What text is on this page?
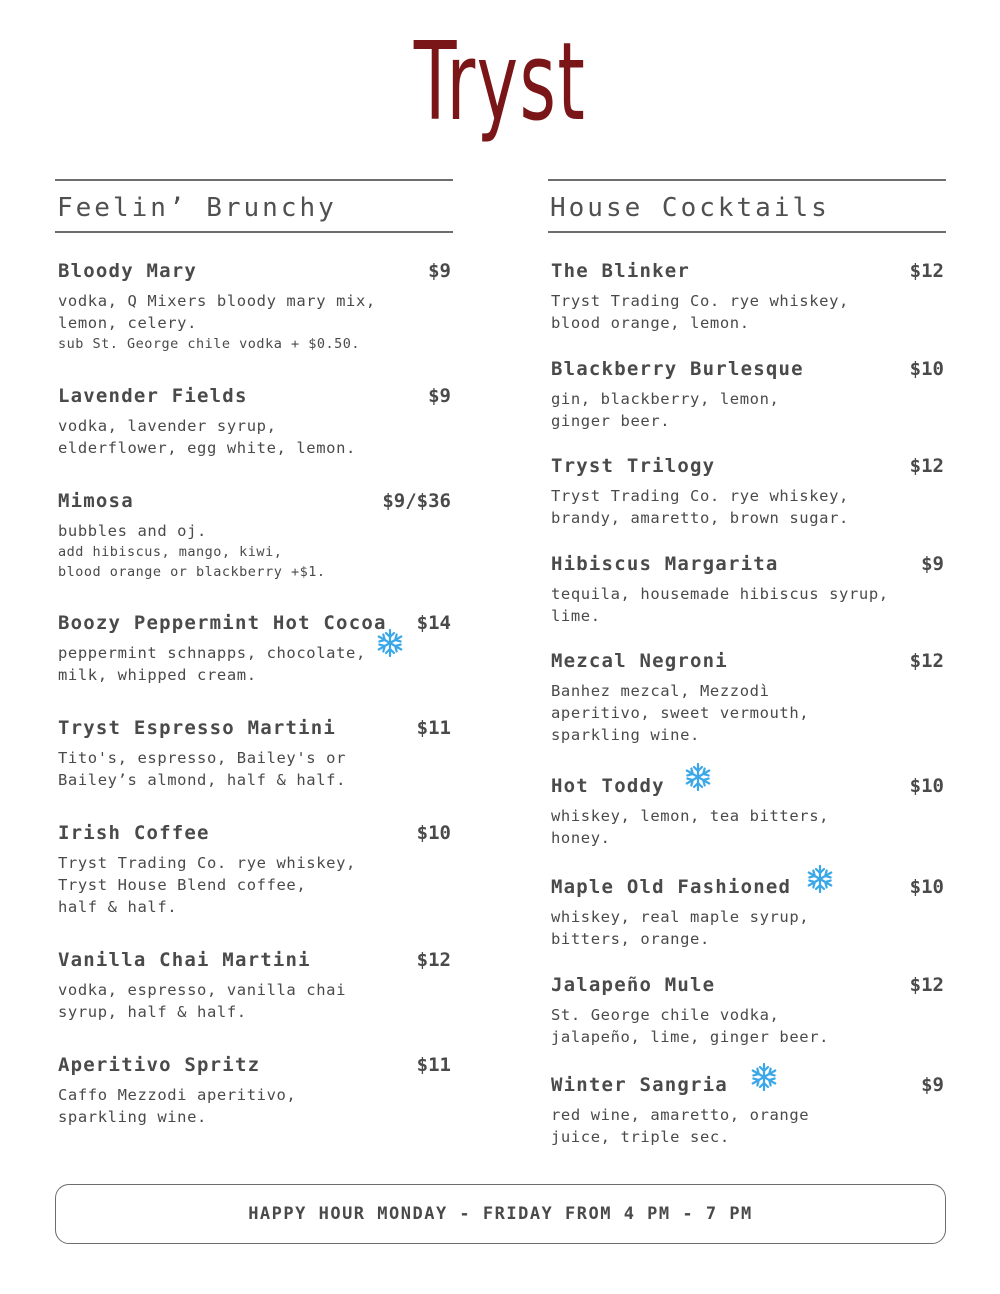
Tryst
Feelin’ Brunchy
Bloody Mary	$9
vodka, Q Mixers bloody mary mix,
lemon, celery.
sub St. George chile vodka + $0.50.
Lavender Fields	$9
vodka, lavender syrup,
elderflower, egg white, lemon.
Mimosa	$9/$36
bubbles and oj.
add hibiscus, mango, kiwi,
blood orange or blackberry +$1.
Boozy Peppermint Hot Cocoa $14
peppermint schnapps, chocolate,
milk, whipped cream.
Tryst Espresso Martini	$11
Tito's, espresso, Bailey's or
Bailey’s almond, half & half.
Irish Coffee	$10
Tryst Trading Co. rye whiskey,
Tryst House Blend coffee,
half & half.
Vanilla Chai Martini	$12
vodka, espresso, vanilla chai
syrup, half & half.
Aperitivo Spritz	$11
Caffo Mezzodi aperitivo,
sparkling wine.
House Cocktails
The Blinker	$12
Tryst Trading Co. rye whiskey,
blood orange, lemon.
Blackberry Burlesque	$10
gin, blackberry, lemon,
ginger beer.
Tryst Trilogy	$12
Tryst Trading Co. rye whiskey,
brandy, amaretto, brown sugar.
Hibiscus Margarita	$9
tequila, housemade hibiscus syrup,
lime.
Mezcal Negroni	$12
Banhez mezcal, Mezzodì
aperitivo, sweet vermouth,
sparkling wine.
Hot Toddy	$10
whiskey, lemon, tea bitters,
honey.
Maple Old Fashioned	$10
whiskey, real maple syrup,
bitters, orange.
Jalapeño Mule	$12
St. George chile vodka,
jalapeño, lime, ginger beer.
Winter Sangria	$9
red wine, amaretto, orange
juice, triple sec.
HAPPY HOUR MONDAY - FRIDAY FROM 4 PM - 7 PM
